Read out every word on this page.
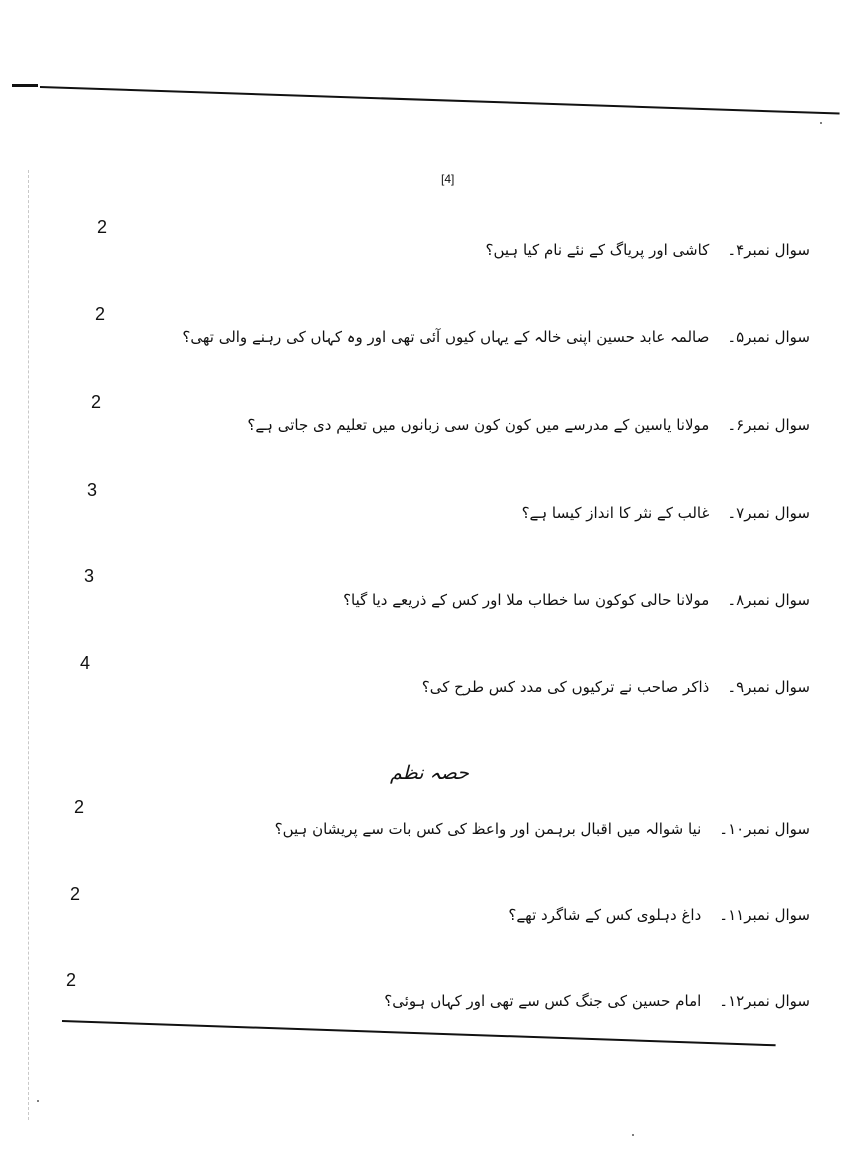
[4]
2
سوال نمبر۴۔کاشی اور پریاگ کے نئے نام کیا ہیں؟
2
سوال نمبر۵۔صالمہ عابد حسین اپنی خالہ کے یہاں کیوں آئی تھی اور وہ کہاں کی رہنے والی تھی؟
2
سوال نمبر۶۔مولانا یاسین کے مدرسے میں کون کون سی زبانوں میں تعلیم دی جاتی ہے؟
3
سوال نمبر۷۔غالب کے نثر کا انداز کیسا ہے؟
3
سوال نمبر۸۔مولانا حالی کوکون سا خطاب ملا اور کس کے ذریعے دیا گیا؟
4
سوال نمبر۹۔ذاکر صاحب نے ترکیوں کی مدد کس طرح کی؟
حصہ نظم
2
سوال نمبر۱۰۔نیا شوالہ میں اقبال برہمن اور واعظ کی کس بات سے پریشان ہیں؟
2
سوال نمبر۱۱۔داغ دہلوی کس کے شاگرد تھے؟
2
سوال نمبر۱۲۔امام حسین کی جنگ کس سے تھی اور کہاں ہوئی؟
